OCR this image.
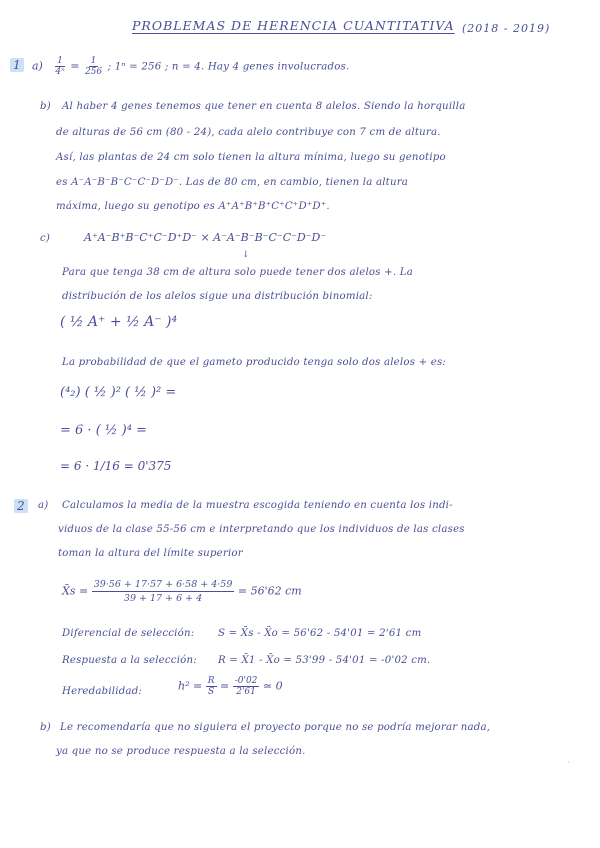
PROBLEMAS DE HERENCIA CUANTITATIVA (2018 - 2019)
1 $a) \frac{1}{\text{4ⁿ}} = \frac{1}{256}$ ; 1ⁿ = 256 ; n = 4. Hay 4 genes involucrados.
b) Al haber 4 genes tenemos que tener en cuenta 8 alelos. Siendo la horquilla
de alturas de 56 cm (80 - 24), cada alelo contribuye con 7 cm de altura.
Así, las plantas de 24 cm solo tienen la altura mínima, luego su genotipo
es A⁻A⁻B⁻B⁻C⁻C⁻D⁻D⁻. Las de 80 cm, en cambio, tienen la altura
máxima, luego su genotipo es A⁺A⁺B⁺B⁺C⁺C⁺D⁺D⁺.
c)	A⁺A⁻B⁺B⁻C⁺C⁻D⁺D⁻ × A⁻A⁻B⁻B⁻C⁻C⁻D⁻D⁻
↓
Para que tenga 38 cm de altura solo puede tener dos alelos +. La
distribución de los alelos sigue una distribución binomial:
( ½ A⁺ + ½ A⁻ )⁴
La probabilidad de que el gameto producido tenga solo dos alelos + es:
(⁴₂) ( ½ )² ( ½ )² =
= 6 · ( ½ )⁴ =
= 6 · 1/16 = 0'375
2 a) Calculamos la media de la muestra escogida teniendo en cuenta los indi-
viduos de la clase 55-56 cm e interpretando que los individuos de las clases
toman la altura del límite superior
X̄s = $\frac{39\cdot 56 + 17\cdot 57 + 6\cdot 58 + 4\cdot 59}{39 + 17 + 6 + 4} = 56'62$ cm
Diferencial de selección: S = X̄s - X̄o = 56'62 - 54'01 = 2'61 cm
Respuesta a la selección: R = X̄1 - X̄o = 53'99 - 54'01 = -0'02 cm.
Heredabilidad:	$h^2 = \frac{R}{S} = \frac{-0'02}{2'61}$ ≃ 0
b) Le recomendaría que no siguiera el proyecto porque no se podría mejorar nada,
ya que no se produce respuesta a la selección.
·
